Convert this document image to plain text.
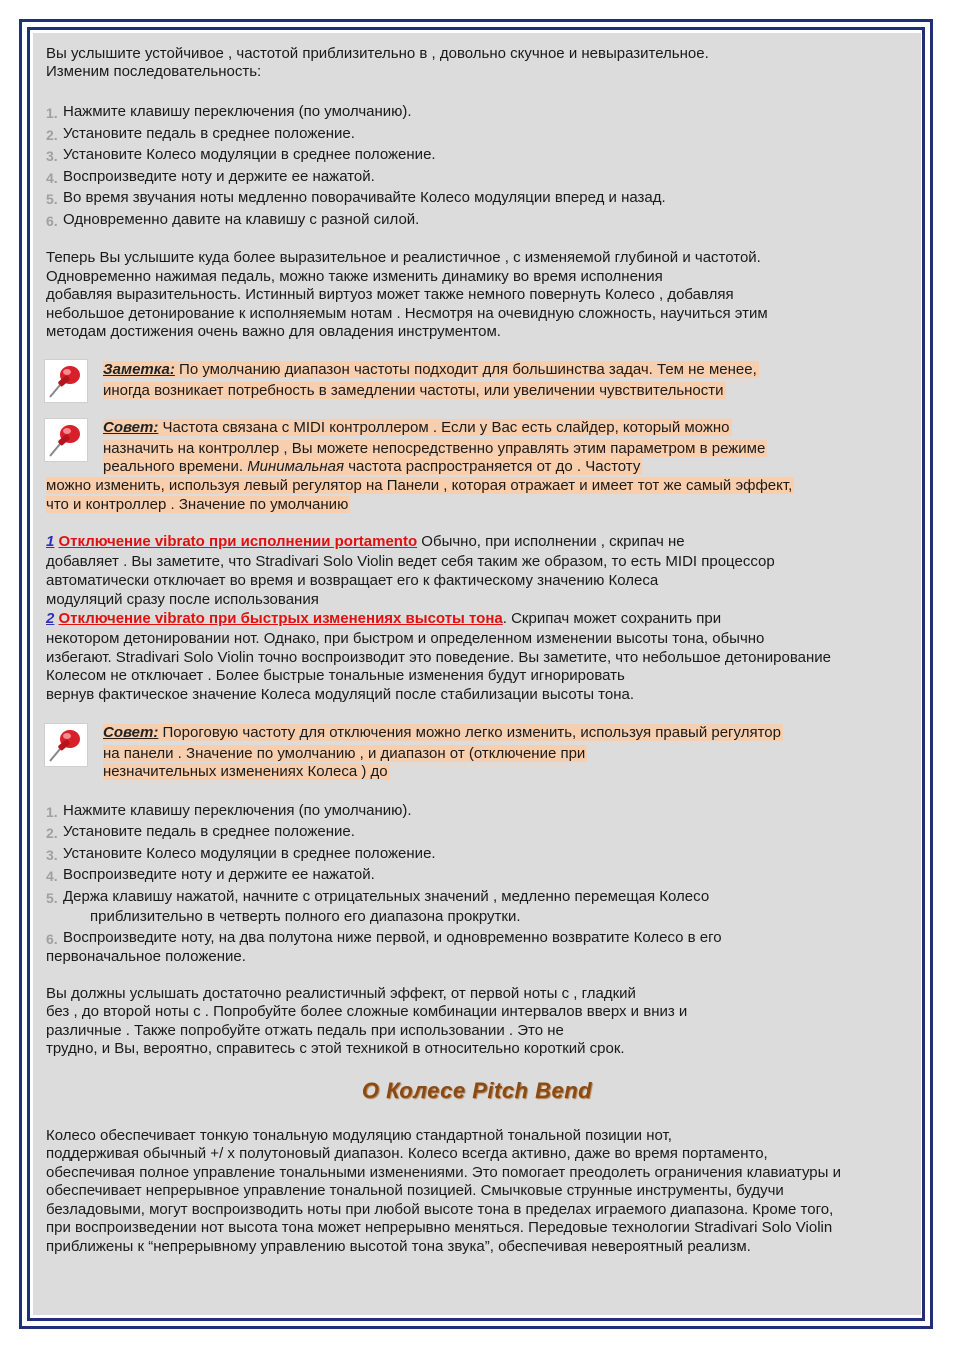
Вы услышите устойчивое , частотой приблизительно в , довольно скучное и невыразительное.
Изменим последовательность:
1. Нажмите клавишу переключения (по умолчанию).
2. Установите педаль в среднее положение.
3. Установите Колесо модуляции в среднее положение.
4. Воспроизведите ноту и держите ее нажатой.
5. Во время звучания ноты медленно поворачивайте Колесо модуляции вперед и назад.
6. Одновременно давите на клавишу с разной силой.
Теперь Вы услышите куда более выразительное и реалистичное , с изменяемой глубиной и частотой.
Одновременно нажимая педаль, можно также изменить динамику во время исполнения
добавляя выразительность. Истинный виртуоз может также немного повернуть Колесо , добавляя
небольшое детонирование к исполняемым нотам . Несмотря на очевидную сложность, научиться этим
методам достижения очень важно для овладения инструментом.
Заметка: По умолчанию диапазон частоты подходит для большинства задач. Тем не менее,
иногда возникает потребность в замедлении частоты, или увеличении чувствительности
Совет: Частота связана с MIDI контроллером . Если у Вас есть слайдер, который можно
назначить на контроллер , Вы можете непосредственно управлять этим параметром в режиме
реального времени. Минимальная частота распространяется от до . Частоту
можно изменить, используя левый регулятор на Панели , которая отражает и имеет тот же самый эффект,
что и контроллер . Значение по умолчанию
1 Отключение vibrato при исполнении portamento Обычно, при исполнении , скрипач не
добавляет . Вы заметите, что Stradivari Solo Violin ведет себя таким же образом, то есть MIDI процессор
автоматически отключает во время и возвращает его к фактическому значению Колеса
модуляций сразу после использования
2 Отключение vibrato при быстрых изменениях высоты тона. Скрипач может сохранить при
некотором детонировании нот. Однако, при быстром и определенном изменении высоты тона, обычно
избегают. Stradivari Solo Violin точно воспроизводит это поведение. Вы заметите, что небольшое детонирование
Колесом не отключает . Более быстрые тональные изменения будут игнорировать
вернув фактическое значение Колеса модуляций после стабилизации высоты тона.
Совет: Пороговую частоту для отключения можно легко изменить, используя правый регулятор
на панели . Значение по умолчанию , и диапазон от (отключение при
незначительных изменениях Колеса ) до
1. Нажмите клавишу переключения (по умолчанию).
2. Установите педаль в среднее положение.
3. Установите Колесо модуляции в среднее положение.
4. Воспроизведите ноту и держите ее нажатой.
5. Держа клавишу нажатой, начните с отрицательных значений , медленно перемещая Колесо
приблизительно в четверть полного его диапазона прокрутки.
6. Воспроизведите ноту, на два полутона ниже первой, и одновременно возвратите Колесо в его
первоначальное положение.
Вы должны услышать достаточно реалистичный эффект, от первой ноты с , гладкий
без , до второй ноты с . Попробуйте более сложные комбинации интервалов вверх и вниз и
различные . Также попробуйте отжать педаль при использовании . Это не
трудно, и Вы, вероятно, справитесь с этой техникой в относительно короткий срок.
О Колесе Pitch Bend
Колесо обеспечивает тонкую тональную модуляцию стандартной тональной позиции нот,
поддерживая обычный +/ х полутоновый диапазон. Колесо всегда активно, даже во время портаменто,
обеспечивая полное управление тональными изменениями. Это помогает преодолеть ограничения клавиатуры и
обеспечивает непрерывное управление тональной позицией. Смычковые струнные инструменты, будучи
безладовыми, могут воспроизводить ноты при любой высоте тона в пределах играемого диапазона. Кроме того,
при воспроизведении нот высота тона может непрерывно меняться. Передовые технологии Stradivari Solo Violin
приближены к “непрерывному управлению высотой тона звука”, обеспечивая невероятный реализм.
